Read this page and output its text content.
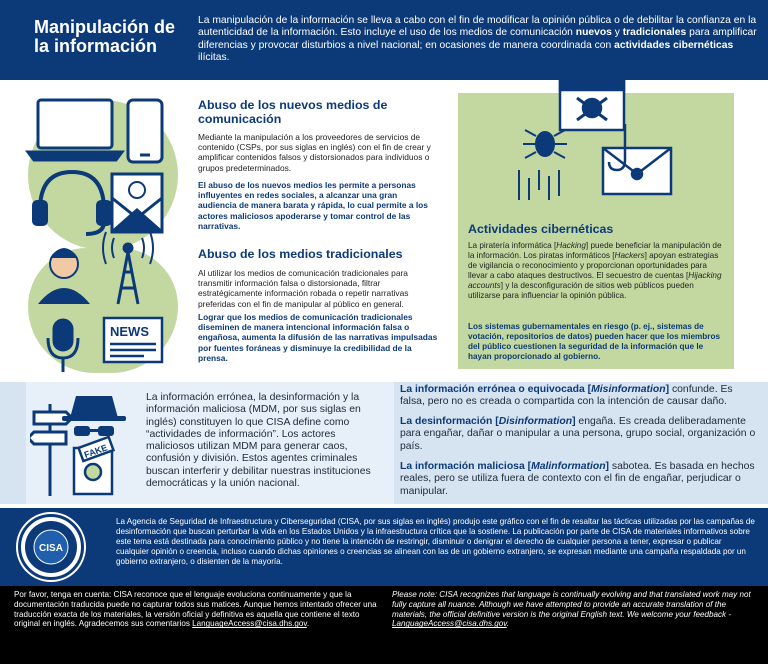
Manipulación de
la información
La manipulación de la información se lleva a cabo con el fin de modificar la opinión pública o de debilitar la confianza en la autenticidad de la información. Esto incluye el uso de los medios de comunicación nuevos y tradicionales para amplificar diferencias y provocar disturbios a nivel nacional; en ocasiones de manera coordinada con actividades cibernéticas ilícitas.
NEWS
Abuso de los nuevos medios de comunicación
Mediante la manipulación a los proveedores de servicios de contenido (CSPs, por sus siglas en inglés) con el fin de crear y amplificar contenidos falsos y distorsionados para individuos o grupos predeterminados.
El abuso de los nuevos medios les permite a personas influyentes en redes sociales, a alcanzar una gran audiencia de manera barata y rápida, lo cual permite a los actores maliciosos apoderarse y tomar control de las narrativas.
Abuso de los medios tradicionales
Al utilizar los medios de comunicación tradicionales para transmitir información falsa o distorsionada, filtrar estratégicamente información robada o repetir narrativas preferidas con el fin de manipular al público en general.
Lograr que los medios de comunicación tradicionales diseminen de manera intencional información falsa o engañosa, aumenta la difusión de las narrativas impulsadas por fuentes foráneas y disminuye la credibilidad de la prensa.
Actividades cibernéticas
La piratería informática [Hacking] puede beneficiar la manipulación de la información. Los piratas informáticos [Hackers] apoyan estrategias de vigilancia o reconocimiento y proporcionan oportunidades para llevar a cabo ataques destructivos. El secuestro de cuentas [Hijacking accounts] y la desconfiguración de sitios web públicos pueden utilizarse para influenciar la opinión pública.
Los sistemas gubernamentales en riesgo (p. ej., sistemas de votación, repositorios de datos) pueden hacer que los miembros del público cuestionen la seguridad de la información que le hayan proporcionado al gobierno.
FAKE
La información errónea, la desinformación y la información maliciosa (MDM, por sus siglas en inglés) constituyen lo que CISA define como “actividades de información”. Los actores maliciosos utilizan MDM para generar caos, confusión y división. Estos agentes criminales buscan interferir y debilitar nuestras instituciones democráticas y la unión nacional.
La información errónea o equivocada [Misinformation] confunde. Es falsa, pero no es creada o compartida con la intención de causar daño.
La desinformación [Disinformation] engaña. Es creada deliberadamente para engañar, dañar o manipular a una persona, grupo social, organización o país.
La información maliciosa [Malinformation] sabotea. Es basada en hechos reales, pero se utiliza fuera de contexto con el fin de engañar, perjudicar o manipular.
CISA
La Agencia de Seguridad de Infraestructura y Ciberseguridad (CISA, por sus siglas en inglés) produjo este gráfico con el fin de resaltar las tácticas utilizadas por las campañas de desinformación que buscan perturbar la vida en los Estados Unidos y la infraestructura crítica que la sostiene. La publicación por parte de CISA de materiales informativos sobre este tema está destinada para conocimiento público y no tiene la intención de restringir, disminuir o denigrar el derecho de cualquier persona a tener, expresar o publicar cualquier opinión o creencia, incluso cuando dichas opiniones o creencias se alinean con las de un gobierno extranjero, se expresan mediante una campaña respaldada por un gobierno extranjero, o disienten de la mayoría.
Por favor, tenga en cuenta: CISA reconoce que el lenguaje evoluciona continuamente y que la documentación traducida puede no capturar todos sus matices. Aunque hemos intentado ofrecer una traducción exacta de los materiales, la versión oficial y definitiva es aquella que contiene el texto original en inglés. Agradecemos sus comentarios LanguageAccess@cisa.dhs.gov.
Please note: CISA recognizes that language is continually evolving and that translated work may not fully capture all nuance. Although we have attempted to provide an accurate translation of the materials, the official definitive version is the original English text. We welcome your feedback - LanguageAccess@cisa.dhs.gov.
